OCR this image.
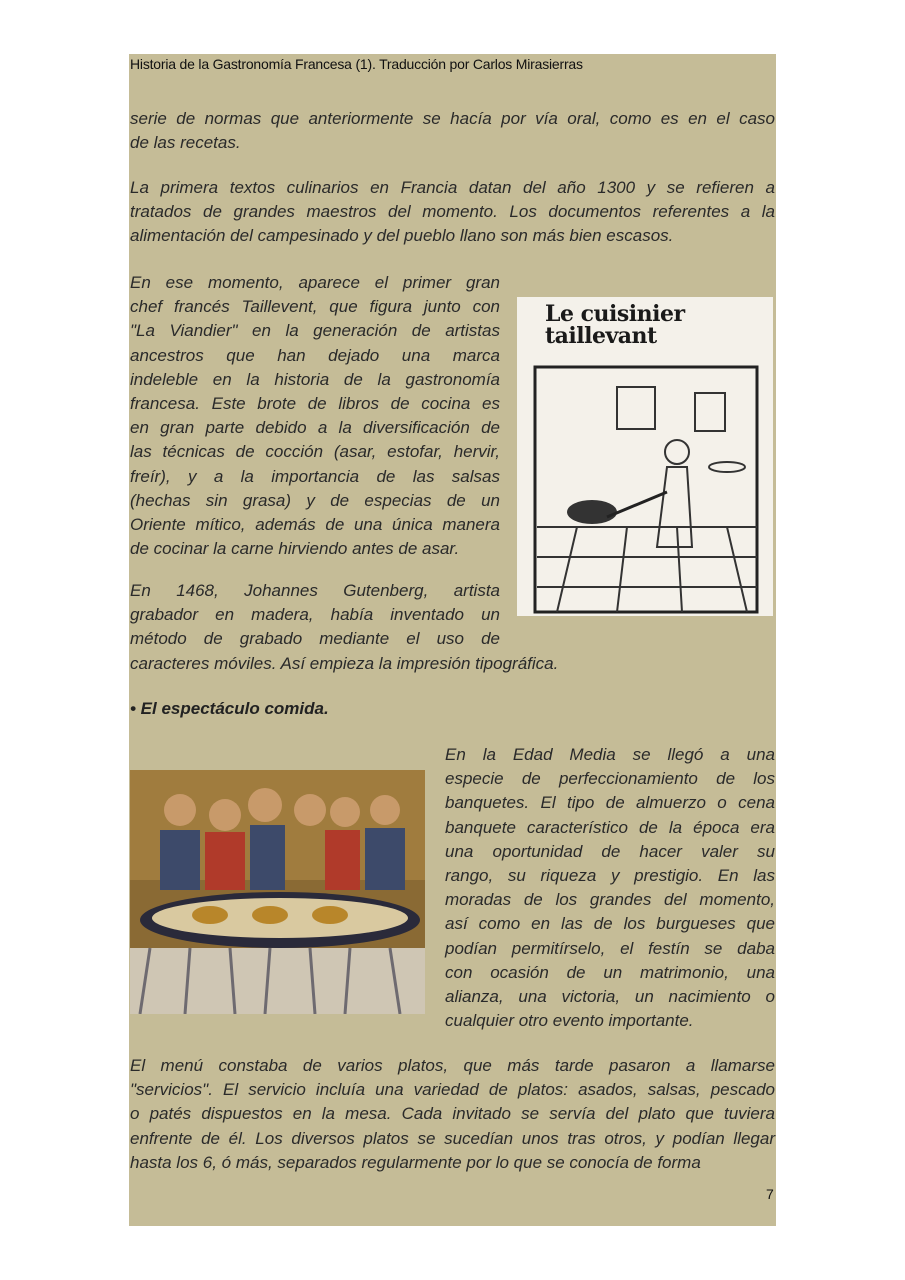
Historia de la Gastronomía Francesa (1). Traducción por Carlos Mirasierras
serie de normas que anteriormente se hacía por vía oral, como es en el caso
de las recetas.
La primera textos culinarios en Francia datan del año 1300 y se refieren a
tratados de grandes maestros del momento. Los documentos referentes a la
alimentación del campesinado y del pueblo llano son más bien escasos.
En ese momento, aparece el primer gran
chef francés Taillevent, que figura junto con
"La Viandier" en la generación de artistas
ancestros que han dejado una marca
indeleble en la historia de la gastronomía
francesa. Este brote de libros de cocina es
en gran parte debido a la diversificación de
las técnicas de cocción (asar, estofar, hervir,
freír), y a la importancia de las salsas
(hechas sin grasa) y de especias de un
Oriente mítico, además de una única manera
de cocinar la carne hirviendo antes de asar.
En 1468, Johannes Gutenberg, artista
grabador en madera, había inventado un
método de grabado mediante el uso de
caracteres móviles. Así empieza la impresión tipográfica.
En la Edad Media se llegó a una
especie de perfeccionamiento de los
banquetes. El tipo de almuerzo o cena
banquete característico de la época era
una oportunidad de hacer valer su
rango, su riqueza y prestigio. En las
moradas de los grandes del momento,
así como en las de los burgueses que
podían permitírselo, el festín se daba
con ocasión de un matrimonio, una
alianza, una victoria, un nacimiento o
cualquier otro evento importante.
El menú constaba de varios platos, que más tarde pasaron a llamarse
"servicios". El servicio incluía una variedad de platos: asados, salsas, pescado
o patés dispuestos en la mesa. Cada invitado se servía del plato que tuviera
enfrente de él. Los diversos platos se sucedían unos tras otros, y podían llegar
hasta los 6, ó más, separados regularmente por lo que se conocía de forma
Le cuisinier taillevant
• El espectáculo comida.
7
